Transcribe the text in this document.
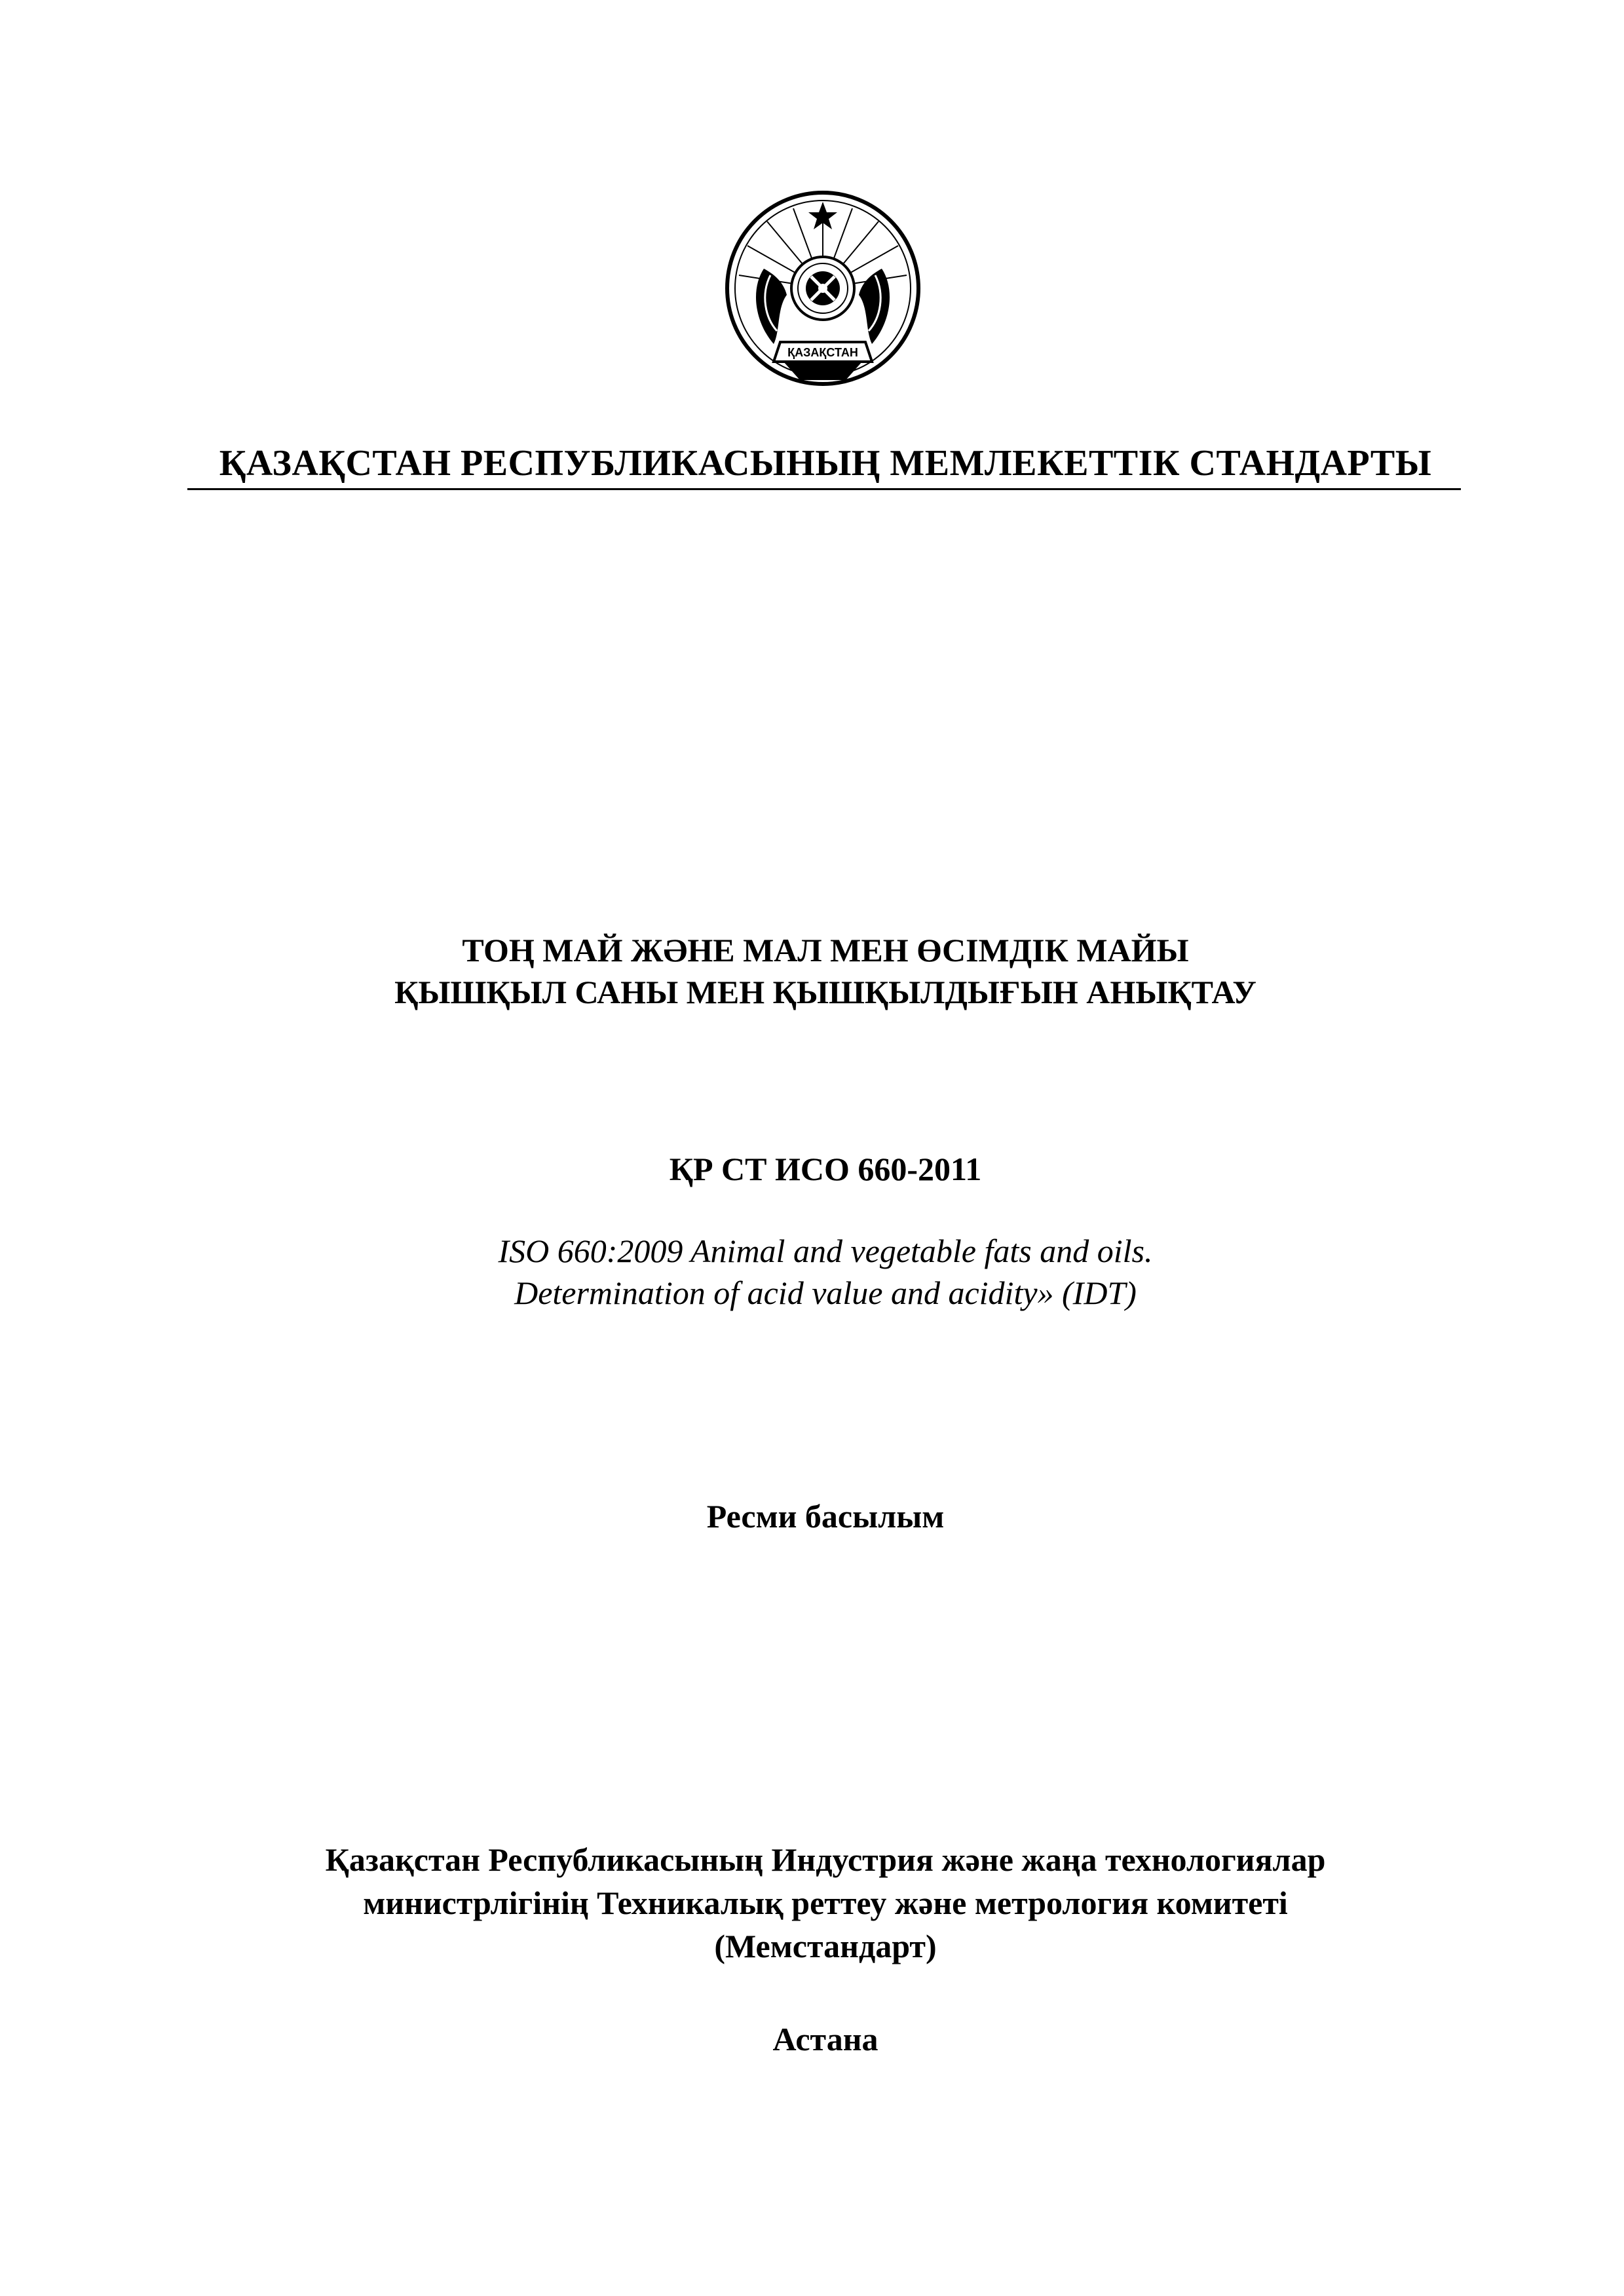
ҚАЗАҚСТАН
ҚАЗАҚСТАН РЕСПУБЛИКАСЫНЫҢ МЕМЛЕКЕТТІК СТАНДАРТЫ
ТОҢ МАЙ ЖӘНЕ МАЛ МЕН ӨСІМДІК МАЙЫ
ҚЫШҚЫЛ САНЫ МЕН ҚЫШҚЫЛДЫҒЫН АНЫҚТАУ
ҚР СТ ИСО 660-2011
ISO 660:2009 Animal and vegetable fats and oils.
Determination of acid value and acidity» (IDT)
Ресми басылым
Қазақстан Республикасының Индустрия және жаңа технологиялар
министрлігінің Техникалық реттеу және метрология комитеті
(Мемстандарт)
Астана
